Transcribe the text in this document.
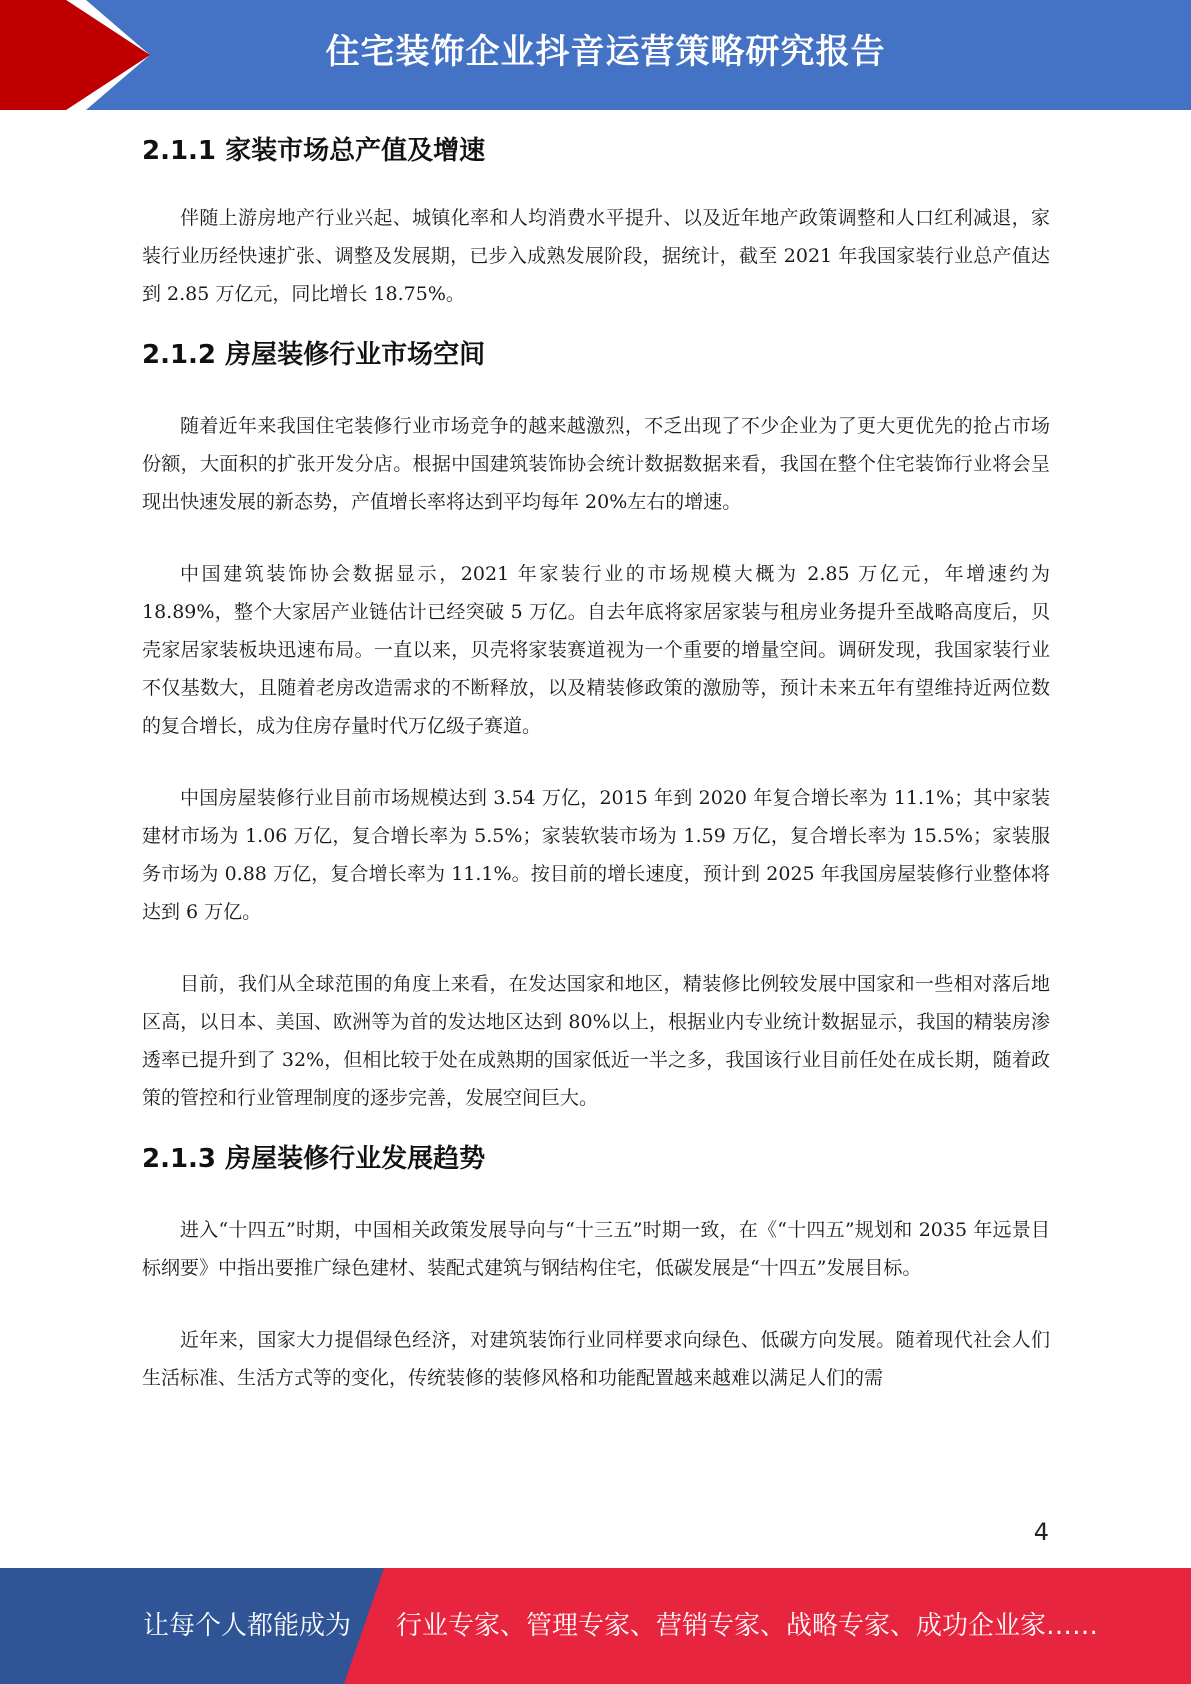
住宅装饰企业抖音运营策略研究报告
2.1.1 家装市场总产值及增速

伴随上游房地产行业兴起、城镇化率和人均消费水平提升、以及近年地产政策调整和人口红利减退，家装行业历经快速扩张、调整及发展期，已步入成熟发展阶段，据统计，截至 2021 年我国家装行业总产值达到 2.85 万亿元，同比增长 18.75%。

2.1.2 房屋装修行业市场空间

随着近年来我国住宅装修行业市场竞争的越来越激烈，不乏出现了不少企业为了更大更优先的抢占市场份额，大面积的扩张开发分店。根据中国建筑装饰协会统计数据数据来看，我国在整个住宅装饰行业将会呈现出快速发展的新态势，产值增长率将达到平均每年 20%左右的增速。

中国建筑装饰协会数据显示，2021 年家装行业的市场规模大概为 2.85 万亿元，年增速约为 18.89%，整个大家居产业链估计已经突破 5 万亿。自去年底将家居家装与租房业务提升至战略高度后，贝壳家居家装板块迅速布局。一直以来，贝壳将家装赛道视为一个重要的增量空间。调研发现，我国家装行业不仅基数大，且随着老房改造需求的不断释放，以及精装修政策的激励等，预计未来五年有望维持近两位数的复合增长，成为住房存量时代万亿级子赛道。

中国房屋装修行业目前市场规模达到 3.54 万亿，2015 年到 2020 年复合增长率为 11.1%；其中家装建材市场为 1.06 万亿，复合增长率为 5.5%；家装软装市场为 1.59 万亿，复合增长率为 15.5%；家装服务市场为 0.88 万亿，复合增长率为 11.1%。按目前的增长速度，预计到 2025 年我国房屋装修行业整体将达到 6 万亿。

目前，我们从全球范围的角度上来看，在发达国家和地区，精装修比例较发展中国家和一些相对落后地区高，以日本、美国、欧洲等为首的发达地区达到 80%以上，根据业内专业统计数据显示，我国的精装房渗透率已提升到了 32%，但相比较于处在成熟期的国家低近一半之多，我国该行业目前任处在成长期，随着政策的管控和行业管理制度的逐步完善，发展空间巨大。

2.1.3 房屋装修行业发展趋势

进入“十四五”时期，中国相关政策发展导向与“十三五”时期一致，在《“十四五”规划和 2035 年远景目标纲要》中指出要推广绿色建材、装配式建筑与钢结构住宅，低碳发展是“十四五”发展目标。

近年来，国家大力提倡绿色经济，对建筑装饰行业同样要求向绿色、低碳方向发展。随着现代社会人们生活标准、生活方式等的变化，传统装修的装修风格和功能配置越来越难以满足人们的需

4
让每个人都能成为 行业专家、管理专家、营销专家、战略专家、成功企业家……
